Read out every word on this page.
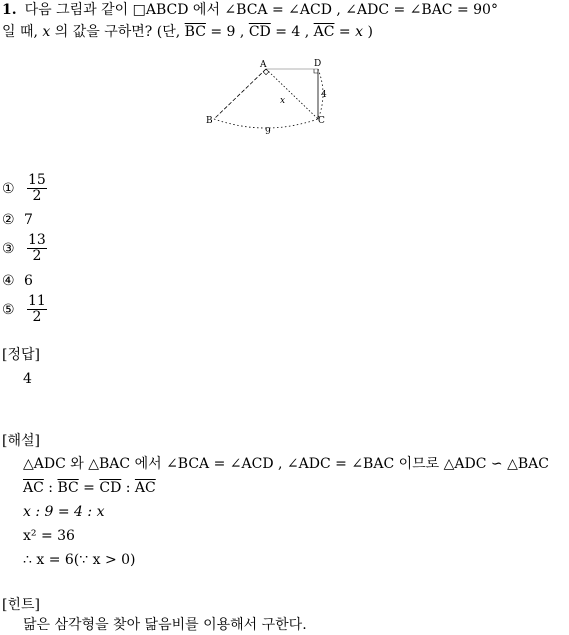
1. 다음 그림과 같이 □ABCD 에서 ∠BCA = ∠ACD , ∠ADC = ∠BAC = 90°
일 때, x 의 값을 구하면? (단, $\overline{BC} = 9$ , $\overline{CD} = 4$ , $\overline{AC} = x$ )
A	D
C
B
9
4
x
① $\frac{15}{2}$
② 7
③ $\frac{13}{2}$
④ 6
⑤ $\frac{11}{2}$
[정답]
4
[해설]
△ADC 와 △BAC 에서 ∠BCA = ∠ACD , ∠ADC = ∠BAC 이므로 △ADC ∽ △BAC
$\overline{AC}$ : $\overline{BC} = \overline{CD}$ : $\overline{AC}$
x : 9 = 4 : x
x² = 36
∴ x = 6(∵ x > 0)
[힌트]
닮은 삼각형을 찾아 닮음비를 이용해서 구한다.
